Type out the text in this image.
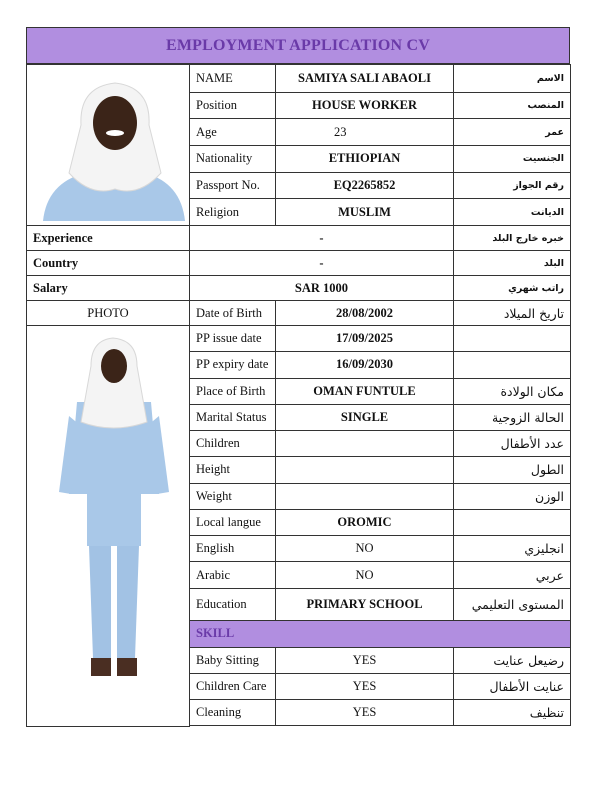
EMPLOYMENT APPLICATION CV
	NAME	SAMIYA SALI ABAOLI	الاسم
	Position	HOUSE WORKER	المنصب
	Age	23	عمر
	Nationality	ETHIOPIAN	الجنسيت
	Passport No.	EQ2265852	رقم الجواز
	Religion	MUSLIM	الديانت
Experience	-		خبره خارج البلد
Country	-		البلد
Salary	SAR 1000		راتب شهري
PHOTO	Date of Birth	28/08/2002	تاريخ الميلاد
	PP issue date	17/09/2025	
	PP expiry date	16/09/2030	
	Place of Birth	OMAN FUNTULE	مكان الولادة
	Marital Status	SINGLE	الحالة الزوجية
	Children		عدد الأطفال
	Height		الطول
	Weight		الوزن
	Local langue	OROMIC	
	English	NO	انجليزي
	Arabic	NO	عربي
	Education	PRIMARY SCHOOL	المستوى التعليمي
	SKILL		
	Baby Sitting	YES	رضيعل عنايت
	Children Care	YES	عنايت الأطفال
	Cleaning	YES	تنظيف
